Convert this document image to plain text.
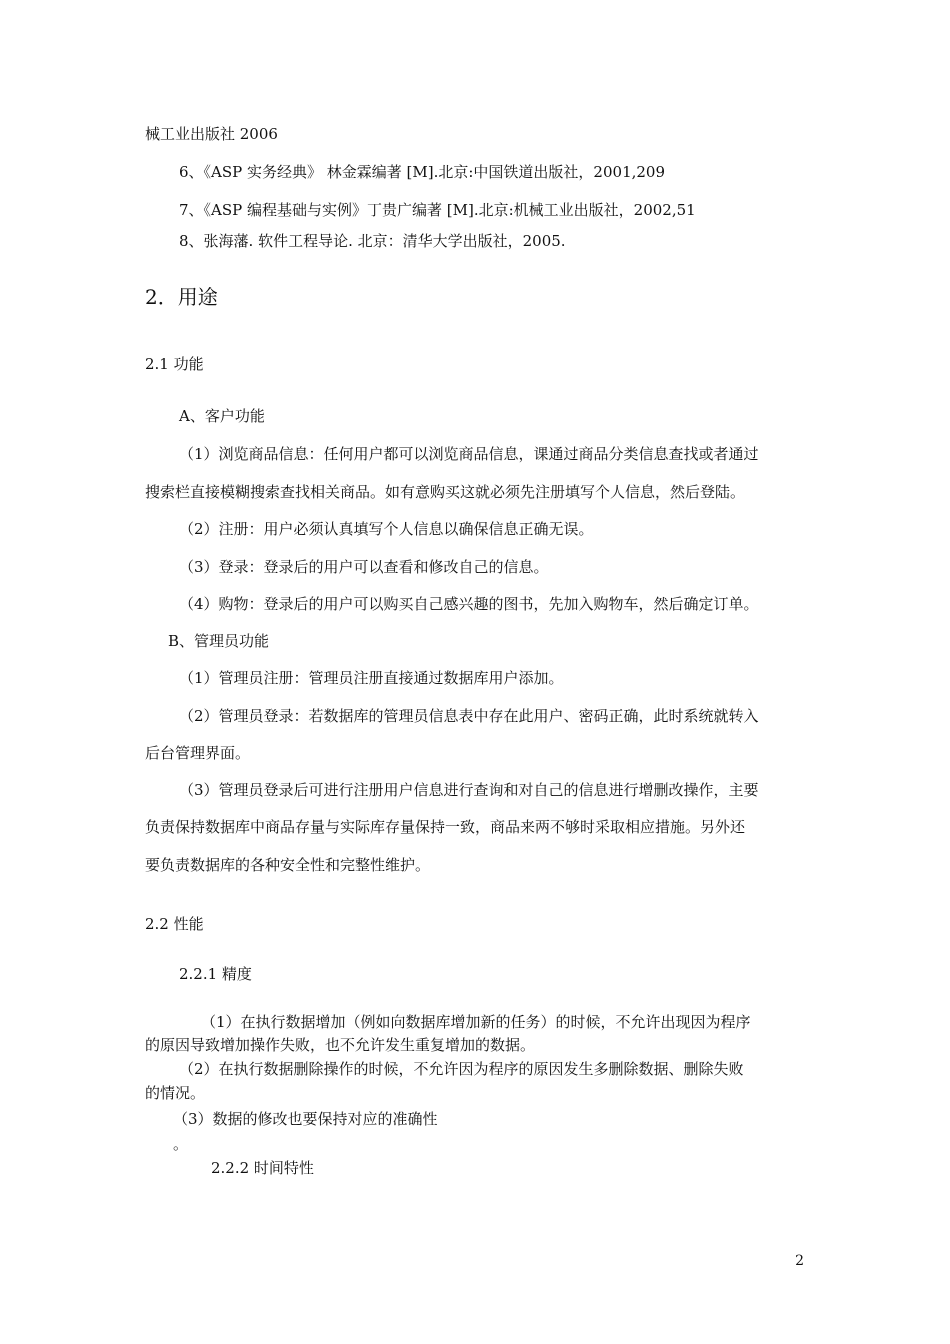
械工业出版社 2006
6、《ASP 实务经典》 林金霖编著 [M].北京:中国铁道出版社，2001,209
7、《ASP 编程基础与实例》丁贵广编著 [M].北京:机械工业出版社，2002,51
8、张海藩. 软件工程导论. 北京：清华大学出版社，2005.
2．用途
2.1 功能
A、客户功能
（1）浏览商品信息：任何用户都可以浏览商品信息，课通过商品分类信息查找或者通过
搜索栏直接模糊搜索查找相关商品。如有意购买这就必须先注册填写个人信息，然后登陆。
（2）注册：用户必须认真填写个人信息以确保信息正确无误。
（3）登录：登录后的用户可以查看和修改自己的信息。
（4）购物：登录后的用户可以购买自己感兴趣的图书，先加入购物车，然后确定订单。
B、管理员功能
（1）管理员注册：管理员注册直接通过数据库用户添加。
（2）管理员登录：若数据库的管理员信息表中存在此用户、密码正确，此时系统就转入
后台管理界面。
（3）管理员登录后可进行注册用户信息进行查询和对自己的信息进行增删改操作，主要
负责保持数据库中商品存量与实际库存量保持一致，商品来两不够时采取相应措施。另外还
要负责数据库的各种安全性和完整性维护。
2.2 性能
2.2.1 精度
（1）在执行数据增加（例如向数据库增加新的任务）的时候，不允许出现因为程序
的原因导致增加操作失败，也不允许发生重复增加的数据。
（2）在执行数据删除操作的时候，不允许因为程序的原因发生多删除数据、删除失败
的情况。
（3）数据的修改也要保持对应的准确性
。
2.2.2 时间特性
2
